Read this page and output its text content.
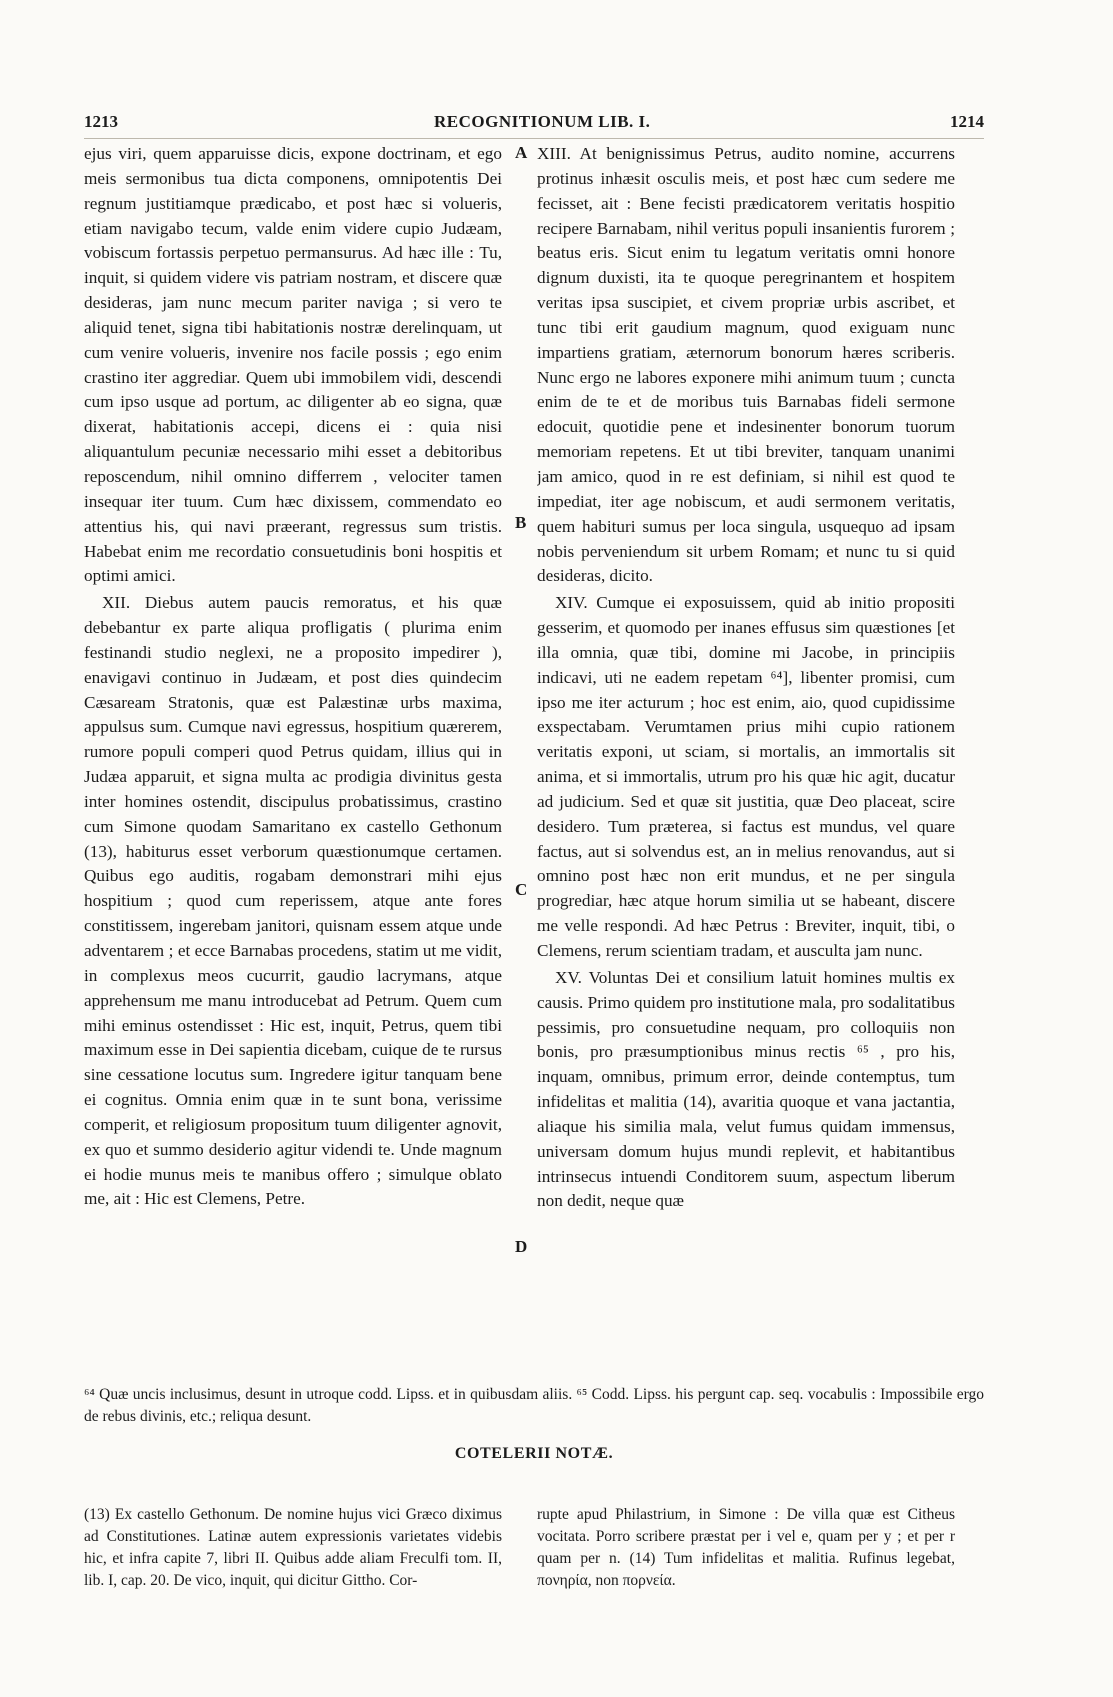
1213	RECOGNITIONUM LIB. I.	1214

ejus viri, quem apparuisse dicis, expone doctrinam, et ego meis sermonibus tua dicta componens, omnipotentis Dei regnum justitiamque prædicabo, et post hæc si volueris, etiam navigabo tecum, valde enim videre cupio Judæam, vobiscum fortassis perpetuo permansurus. Ad hæc ille : Tu, inquit, si quidem videre vis patriam nostram, et discere quæ desideras, jam nunc mecum pariter naviga ; si vero te aliquid tenet, signa tibi habitationis nostræ derelinquam, ut cum venire volueris, invenire nos facile possis ; ego enim crastino iter aggrediar. Quem ubi immobilem vidi, descendi cum ipso usque ad portum, ac diligenter ab eo signa, quæ dixerat, habitationis accepi, dicens ei : quia nisi aliquantulum pecuniæ necessario mihi esset a debitoribus reposcendum, nihil omnino differrem , velociter tamen insequar iter tuum. Cum hæc dixissem, commendato eo attentius his, qui navi præerant, regressus sum tristis. Habebat enim me recordatio consuetudinis boni hospitis et optimi amici.

XII. Diebus autem paucis remoratus, et his quæ debebantur ex parte aliqua profligatis ( plurima enim festinandi studio neglexi, ne a proposito impedirer ), enavigavi continuo in Judæam, et post dies quindecim Cæsaream Stratonis, quæ est Palæstinæ urbs maxima, appulsus sum. Cumque navi egressus, hospitium quærerem, rumore populi comperi quod Petrus quidam, illius qui in Judæa apparuit, et signa multa ac prodigia divinitus gesta inter homines ostendit, discipulus probatissimus, crastino cum Simone quodam Samaritano ex castello Gethonum (13), habiturus esset verborum quæstionumque certamen. Quibus ego auditis, rogabam demonstrari mihi ejus hospitium ; quod cum reperissem, atque ante fores constitissem, ingerebam janitori, quisnam essem atque unde adventarem ; et ecce Barnabas procedens, statim ut me vidit, in complexus meos cucurrit, gaudio lacrymans, atque apprehensum me manu introducebat ad Petrum. Quem cum mihi eminus ostendisset : Hic est, inquit, Petrus, quem tibi maximum esse in Dei sapientia dicebam, cuique de te rursus sine cessatione locutus sum. Ingredere igitur tanquam bene ei cognitus. Omnia enim quæ in te sunt bona, verissime comperit, et religiosum propositum tuum diligenter agnovit, ex quo et summo desiderio agitur videndi te. Unde magnum ei hodie munus meis te manibus offero ; simulque oblato me, ait : Hic est Clemens, Petre.

XIII. At benignissimus Petrus, audito nomine, accurrens protinus inhæsit osculis meis, et post hæc cum sedere me fecisset, ait : Bene fecisti prædicatorem veritatis hospitio recipere Barnabam, nihil veritus populi insanientis furorem ; beatus eris. Sicut enim tu legatum veritatis omni honore dignum duxisti, ita te quoque peregrinantem et hospitem veritas ipsa suscipiet, et civem propriæ urbis ascribet, et tunc tibi erit gaudium magnum, quod exiguam nunc impartiens gratiam, æternorum bonorum hæres scriberis. Nunc ergo ne labores exponere mihi animum tuum ; cuncta enim de te et de moribus tuis Barnabas fideli sermone edocuit, quotidie pene et indesinenter bonorum tuorum memoriam repetens. Et ut tibi breviter, tanquam unanimi jam amico, quod in re est definiam, si nihil est quod te impediat, iter age nobiscum, et audi sermonem veritatis, quem habituri sumus per loca singula, usquequo ad ipsam nobis perveniendum sit urbem Romam; et nunc tu si quid desideras, dicito.

XIV. Cumque ei exposuissem, quid ab initio propositi gesserim, et quomodo per inanes effusus sim quæstiones [et illa omnia, quæ tibi, domine mi Jacobe, in principiis indicavi, uti ne eadem repetam ⁶⁴], libenter promisi, cum ipso me iter acturum ; hoc est enim, aio, quod cupidissime exspectabam. Verumtamen prius mihi cupio rationem veritatis exponi, ut sciam, si mortalis, an immortalis sit anima, et si immortalis, utrum pro his quæ hic agit, ducatur ad judicium. Sed et quæ sit justitia, quæ Deo placeat, scire desidero. Tum præterea, si factus est mundus, vel quare factus, aut si solvendus est, an in melius renovandus, aut si omnino post hæc non erit mundus, et ne per singula progrediar, hæc atque horum similia ut se habeant, discere me velle respondi. Ad hæc Petrus : Breviter, inquit, tibi, o Clemens, rerum scientiam tradam, et ausculta jam nunc.

XV. Voluntas Dei et consilium latuit homines multis ex causis. Primo quidem pro institutione mala, pro sodalitatibus pessimis, pro consuetudine nequam, pro colloquiis non bonis, pro præsumptionibus minus rectis ⁶⁵ , pro his, inquam, omnibus, primum error, deinde contemptus, tum infidelitas et malitia (14), avaritia quoque et vana jactantia, aliaque his similia mala, velut fumus quidam immensus, universam domum hujus mundi replevit, et habitantibus intrinsecus intuendi Conditorem suum, aspectum liberum non dedit, neque quæ

A
B
C
D
⁶⁴ Quæ uncis inclusimus, desunt in utroque codd. Lipss. et in quibusdam aliis. ⁶⁵ Codd. Lipss. his pergunt cap. seq. vocabulis : Impossibile ergo de rebus divinis, etc.; reliqua desunt.
COTELERII NOTÆ.

(13) Ex castello Gethonum. De nomine hujus vici Græco diximus ad Constitutiones. Latinæ autem expressionis varietates videbis hic, et infra capite 7, libri II. Quibus adde aliam Freculfi tom. II, lib. I, cap. 20. De vico, inquit, qui dicitur Gittho. Cor-

rupte apud Philastrium, in Simone : De villa quæ est Citheus vocitata. Porro scribere præstat per i vel e, quam per y ; et per r quam per n. (14) Tum infidelitas et malitia. Rufinus legebat, πονηρία, non πορνεία.
